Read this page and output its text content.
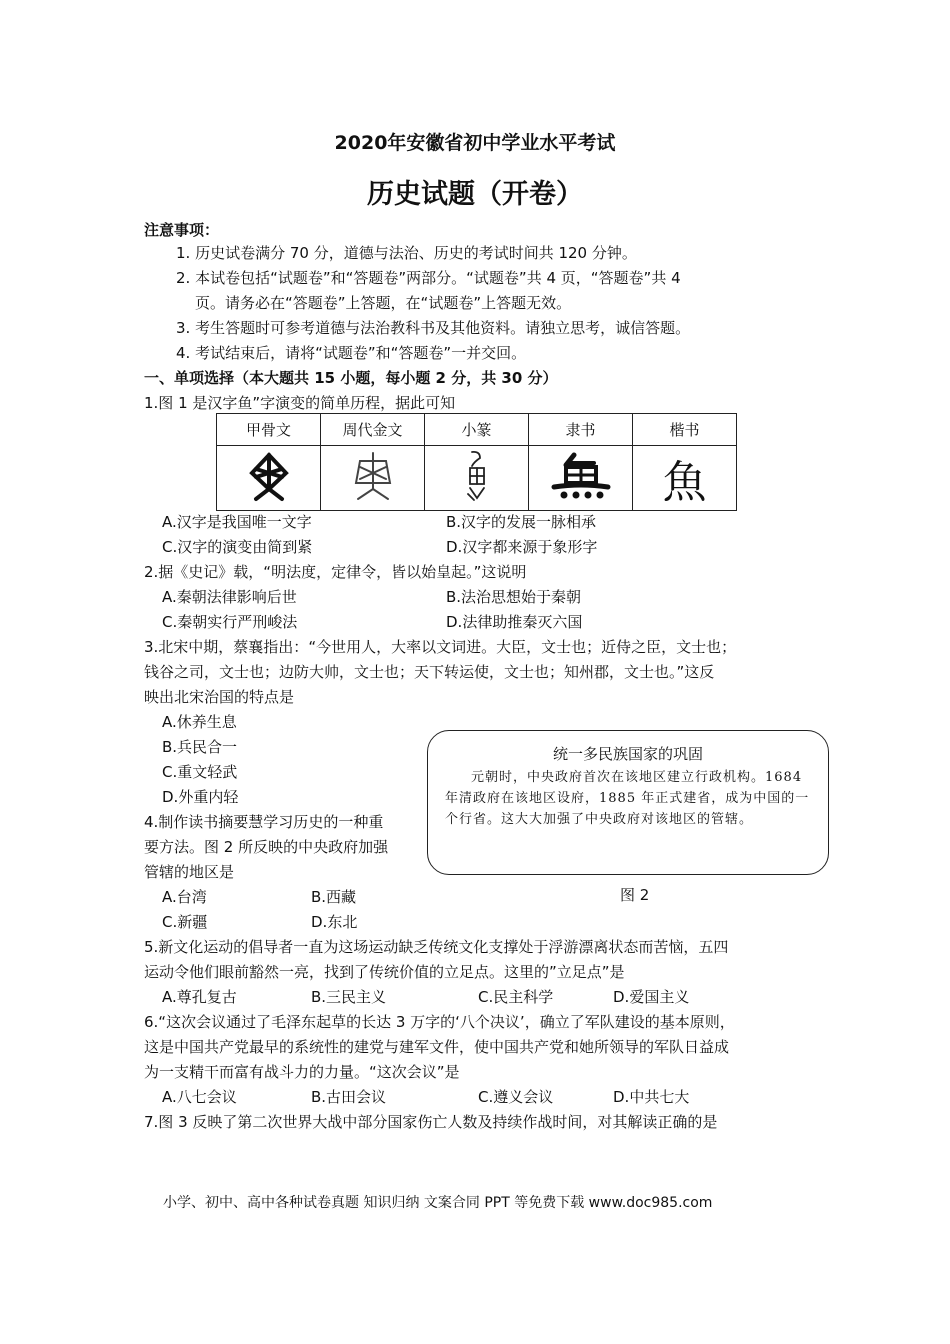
2020年安徽省初中学业水平考试
历史试题（开卷）
注意事项：
1. 历史试卷满分 70 分，道德与法治、历史的考试时间共 120 分钟。
2. 本试卷包括“试题卷”和“答题卷”两部分。“试题卷”共 4 页，“答题卷”共 4
页。请务必在“答题卷”上答题，在“试题卷”上答题无效。
3. 考生答题时可参考道德与法治教科书及其他资料。请独立思考，诚信答题。
4. 考试结束后，请将“试题卷”和“答题卷”一并交回。
一、单项选择（本大题共 15 小题，每小题 2 分，共 30 分）
1.图 1 是汉字鱼”字演变的简单历程，据此可知
甲骨文	周代金文	小篆	隶书	楷书
				魚
A.汉字是我国唯一文字	B.汉字的发展一脉相承
C.汉字的演变由简到紧	D.汉字都来源于象形字
2.据《史记》载，“明法度，定律令，皆以始皇起。”这说明
A.秦朝法律影响后世	B.法治思想始于秦朝
C.秦朝实行严刑峻法	D.法律助推秦灭六国
3.北宋中期，蔡襄指出：“今世用人，大率以文词进。大臣，文士也；近侍之臣，文士也；
钱谷之司，文士也；边防大帅，文士也；天下转运使，文士也；知州郡，文士也。”这反
映出北宋治国的特点是
A.休养生息
B.兵民合一
C.重文轻武
D.外重内轻
4.制作读书摘要慧学习历史的一种重
要方法。图 2 所反映的中央政府加强
管辖的地区是
A.台湾	B.西藏
C.新疆	D.东北
统一多民族国家的巩固
元朝时，中央政府首次在该地区建立行政机构。1684 年清政府在该地区设府，1885 年正式建省，成为中国的一个行省。这大大加强了中央政府对该地区的管辖。
图 2
5.新文化运动的倡导者一直为这场运动缺乏传统文化支撑处于浮游漂离状态而苦恼，五四
运动令他们眼前豁然一亮，找到了传统价值的立足点。这里的”立足点”是
A.尊孔复古	B.三民主义	C.民主科学	D.爱国主义
6.“这次会议通过了毛泽东起草的长达 3 万字的‘八个决议’，确立了军队建设的基本原则，
这是中国共产党最早的系统性的建党与建军文件，使中国共产党和她所领导的军队日益成
为一支精干而富有战斗力的力量。“这次会议”是
A.八七会议	B.古田会议	C.遵义会议	D.中共七大
7.图 3 反映了第二次世界大战中部分国家伤亡人数及持续作战时间，对其解读正确的是
小学、初中、高中各种试卷真题 知识归纳 文案合同 PPT 等免费下载 www.doc985.com
